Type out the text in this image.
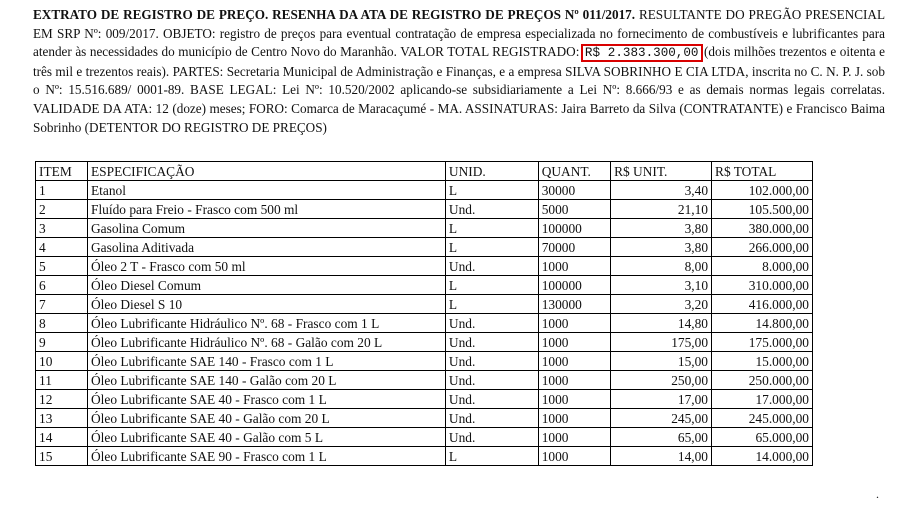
EXTRATO DE REGISTRO DE PREÇO. RESENHA DA ATA DE REGISTRO DE PREÇOS Nº 011/2017. RESULTANTE DO PREGÃO PRESENCIAL EM SRP Nº: 009/2017. OBJETO: registro de preços para eventual contratação de empresa especializada no fornecimento de combustíveis e lubrificantes para atender às necessidades do município de Centro Novo do Maranhão. VALOR TOTAL REGISTRADO: R$ 2.383.300,00 (dois milhões trezentos e oitenta e três mil e trezentos reais). PARTES: Secretaria Municipal de Administração e Finanças, e a empresa SILVA SOBRINHO E CIA LTDA, inscrita no C. N. P. J. sob o Nº: 15.516.689/ 0001-89. BASE LEGAL: Lei Nº: 10.520/2002 aplicando-se subsidiariamente a Lei Nº: 8.666/93 e as demais normas legais correlatas. VALIDADE DA ATA: 12 (doze) meses; FORO: Comarca de Maracaçumé - MA. ASSINATURAS: Jaira Barreto da Silva (CONTRATANTE) e Francisco Baima Sobrinho (DETENTOR DO REGISTRO DE PREÇOS)
ITEM	ESPECIFICAÇÃO	UNID.	QUANT.	R$ UNIT.	R$ TOTAL
1	Etanol	L	30000	3,40	102.000,00
2	Fluído para Freio - Frasco com 500 ml	Und.	5000	21,10	105.500,00
3	Gasolina Comum	L	100000	3,80	380.000,00
4	Gasolina Aditivada	L	70000	3,80	266.000,00
5	Óleo 2 T - Frasco com 50 ml	Und.	1000	8,00	8.000,00
6	Óleo Diesel Comum	L	100000	3,10	310.000,00
7	Óleo Diesel S 10	L	130000	3,20	416.000,00
8	Óleo Lubrificante Hidráulico Nº. 68 - Frasco com 1 L	Und.	1000	14,80	14.800,00
9	Óleo Lubrificante Hidráulico Nº. 68 - Galão com 20 L	Und.	1000	175,00	175.000,00
10	Óleo Lubrificante SAE 140 - Frasco com 1 L	Und.	1000	15,00	15.000,00
11	Óleo Lubrificante SAE 140 - Galão com 20 L	Und.	1000	250,00	250.000,00
12	Óleo Lubrificante SAE 40 - Frasco com 1 L	Und.	1000	17,00	17.000,00
13	Óleo Lubrificante SAE 40 - Galão com 20 L	Und.	1000	245,00	245.000,00
14	Óleo Lubrificante SAE 40 - Galão com 5 L	Und.	1000	65,00	65.000,00
15	Óleo Lubrificante SAE 90 - Frasco com 1 L	L	1000	14,00	14.000,00
.
